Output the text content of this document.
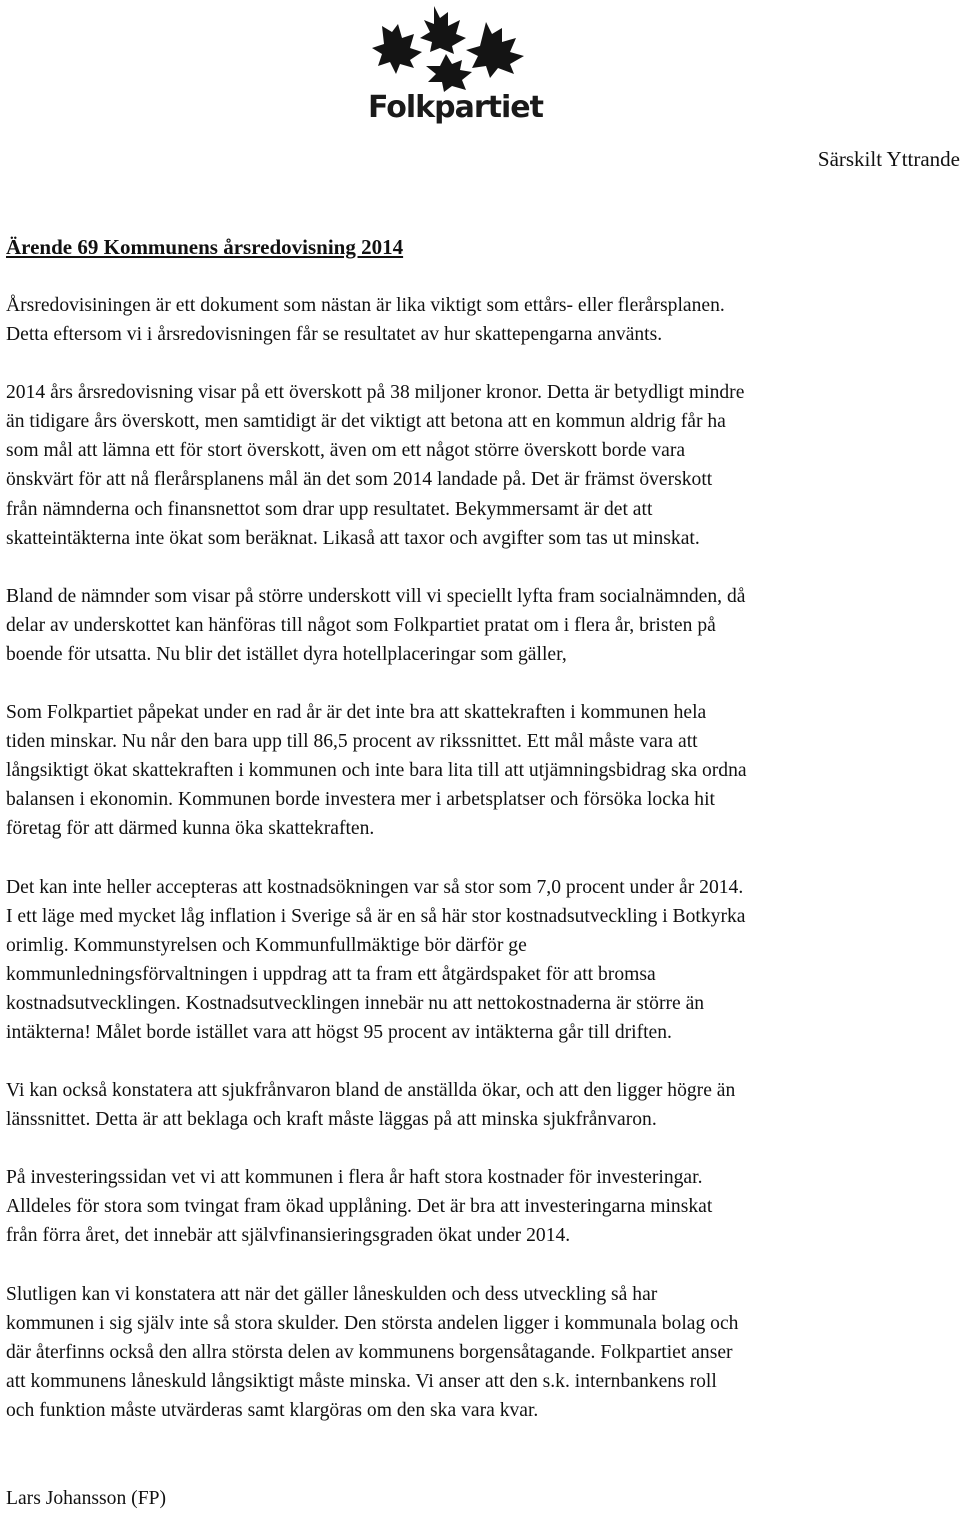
Folkpartiet
Särskilt Yttrande
Ärende 69 Kommunens årsredovisning 2014

Årsredovisiningen är ett dokument som nästan är lika viktigt som ettårs- eller flerårsplanen.
Detta eftersom vi i årsredovisningen får se resultatet av hur skattepengarna använts.

2014 års årsredovisning visar på ett överskott på 38 miljoner kronor. Detta är betydligt mindre
än tidigare års överskott, men samtidigt är det viktigt att betona att en kommun aldrig får ha
som mål att lämna ett för stort överskott, även om ett något större överskott borde vara
önskvärt för att nå flerårsplanens mål än det som 2014 landade på. Det är främst överskott
från nämnderna och finansnettot som drar upp resultatet. Bekymmersamt är det att
skatteintäkterna inte ökat som beräknat. Likaså att taxor och avgifter som tas ut minskat.

Bland de nämnder som visar på större underskott vill vi speciellt lyfta fram socialnämnden, då
delar av underskottet kan hänföras till något som Folkpartiet pratat om i flera år, bristen på
boende för utsatta. Nu blir det istället dyra hotellplaceringar som gäller,

Som Folkpartiet påpekat under en rad år är det inte bra att skattekraften i kommunen hela
tiden minskar. Nu når den bara upp till 86,5 procent av rikssnittet. Ett mål måste vara att
långsiktigt ökat skattekraften i kommunen och inte bara lita till att utjämningsbidrag ska ordna
balansen i ekonomin. Kommunen borde investera mer i arbetsplatser och försöka locka hit
företag för att därmed kunna öka skattekraften.

Det kan inte heller accepteras att kostnadsökningen var så stor som 7,0 procent under år 2014.
I ett läge med mycket låg inflation i Sverige så är en så här stor kostnadsutveckling i Botkyrka
orimlig. Kommunstyrelsen och Kommunfullmäktige bör därför ge
kommunledningsförvaltningen i uppdrag att ta fram ett åtgärdspaket för att bromsa
kostnadsutvecklingen. Kostnadsutvecklingen innebär nu att nettokostnaderna är större än
intäkterna! Målet borde istället vara att högst 95 procent av intäkterna går till driften.

Vi kan också konstatera att sjukfrånvaron bland de anställda ökar, och att den ligger högre än
länssnittet. Detta är att beklaga och kraft måste läggas på att minska sjukfrånvaron.

På investeringssidan vet vi att kommunen i flera år haft stora kostnader för investeringar.
Alldeles för stora som tvingat fram ökad upplåning. Det är bra att investeringarna minskat
från förra året, det innebär att självfinansieringsgraden ökat under 2014.

Slutligen kan vi konstatera att när det gäller låneskulden och dess utveckling så har
kommunen i sig själv inte så stora skulder. Den största andelen ligger i kommunala bolag och
där återfinns också den allra största delen av kommunens borgensåtagande. Folkpartiet anser
att kommunens låneskuld långsiktigt måste minska. Vi anser att den s.k. internbankens roll
och funktion måste utvärderas samt klargöras om den ska vara kvar.

Lars Johansson (FP)
